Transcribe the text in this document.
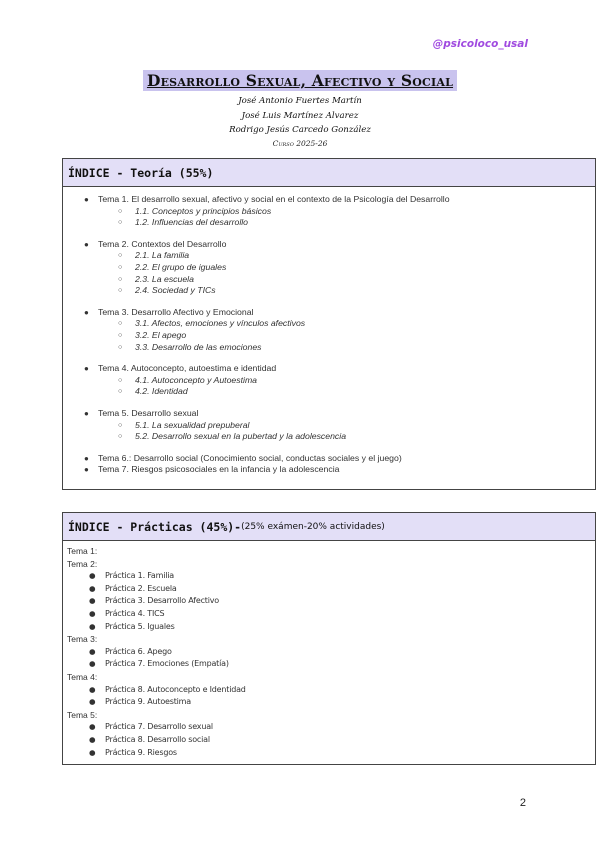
@psicoloco_usal
Desarrollo Sexual, Afectivo y Social
José Antonio Fuertes Martín
José Luis Martínez Alvarez
Rodrigo Jesús Carcedo González
Curso 2025-26
ÍNDICE - Teoría (55%)
● Tema 1. El desarrollo sexual, afectivo y social en el contexto de la Psicología del Desarrollo
○ 1.1. Conceptos y principios básicos
○ 1.2. Influencias del desarrollo
● Tema 2. Contextos del Desarrollo
○ 2.1. La familia
○ 2.2. El grupo de iguales
○ 2.3. La escuela
○ 2.4. Sociedad y TICs
● Tema 3. Desarrollo Afectivo y Emocional
○ 3.1. Afectos, emociones y vínculos afectivos
○ 3.2. El apego
○ 3.3. Desarrollo de las emociones
● Tema 4. Autoconcepto, autoestima e identidad
○ 4.1. Autoconcepto y Autoestima
○ 4.2. Identidad
● Tema 5. Desarrollo sexual
○ 5.1. La sexualidad prepuberal
○ 5.2. Desarrollo sexual en la pubertad y la adolescencia
● Tema 6.: Desarrollo social (Conocimiento social, conductas sociales y el juego)
● Tema 7. Riesgos psicosociales en la infancia y la adolescencia
ÍNDICE - Prácticas (45%)- (25% exámen-20% actividades)
Tema 1:
Tema 2:
● Práctica 1. Familia
● Práctica 2. Escuela
● Práctica 3. Desarrollo Afectivo
● Práctica 4. TICS
● Práctica 5. Iguales
Tema 3:
● Práctica 6. Apego
● Práctica 7. Emociones (Empatía)
Tema 4:
● Práctica 8. Autoconcepto e Identidad
● Práctica 9. Autoestima
Tema 5:
● Práctica 7. Desarrollo sexual
● Práctica 8. Desarrollo social
● Práctica 9. Riesgos
2
